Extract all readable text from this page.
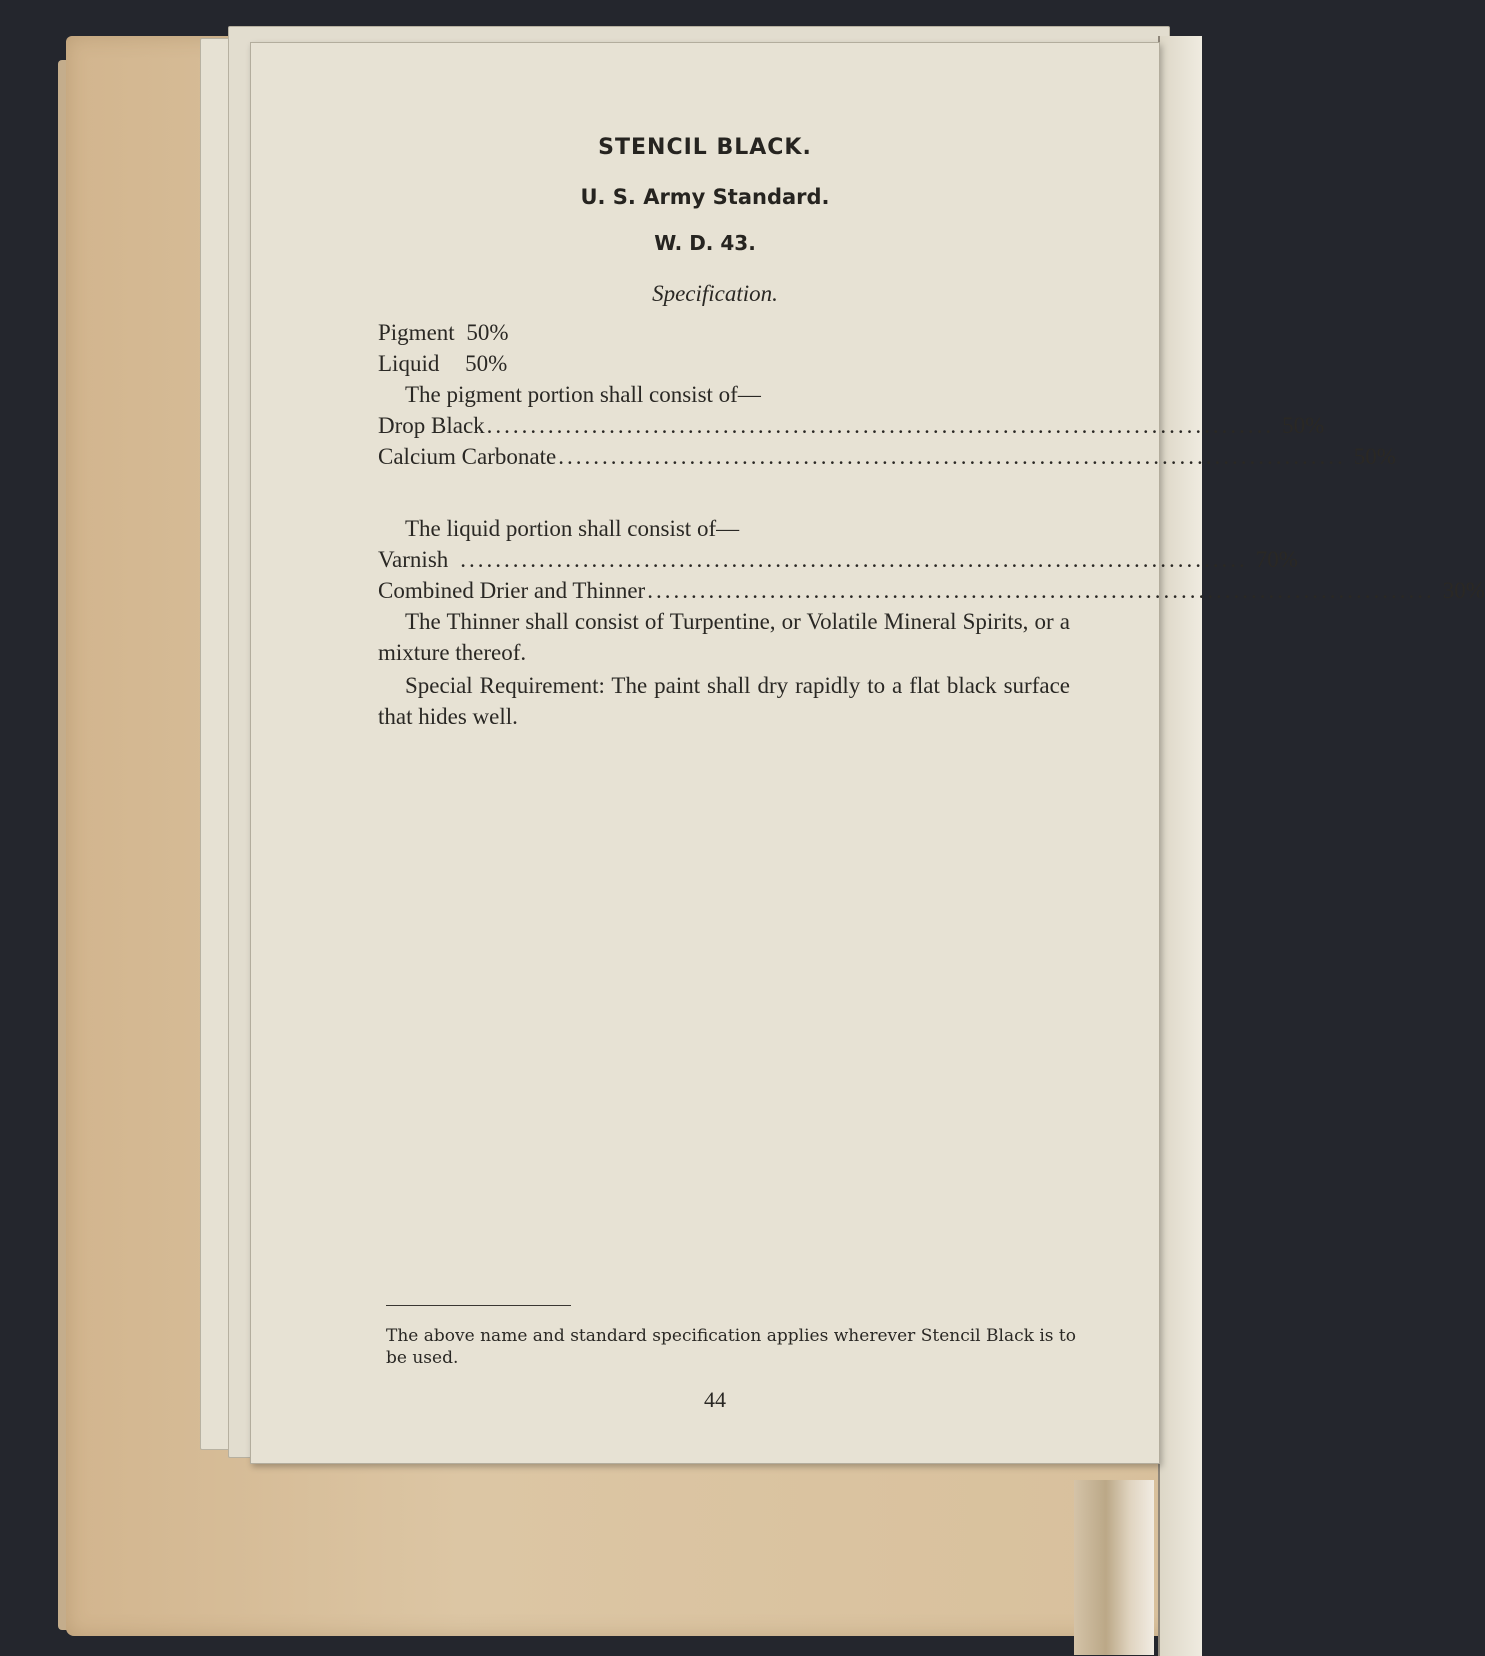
STENCIL BLACK.
U. S. Army Standard.
W. D. 43.
Specification.
Pigment 50%
Liquid 50%
The pigment portion shall consist of—
Drop Black .......................................................................................... 50%
Calcium Carbonate .......................................................................................... 50%
The liquid portion shall consist of—
Varnish .......................................................................................... 70%
Combined Drier and Thinner .......................................................................................... 30%
The Thinner shall consist of Turpentine, or Volatile Mineral Spirits, or a mixture thereof.
Special Requirement: The paint shall dry rapidly to a flat black surface that hides well.
The above name and standard specification applies wherever Stencil Black is to be used.
44
